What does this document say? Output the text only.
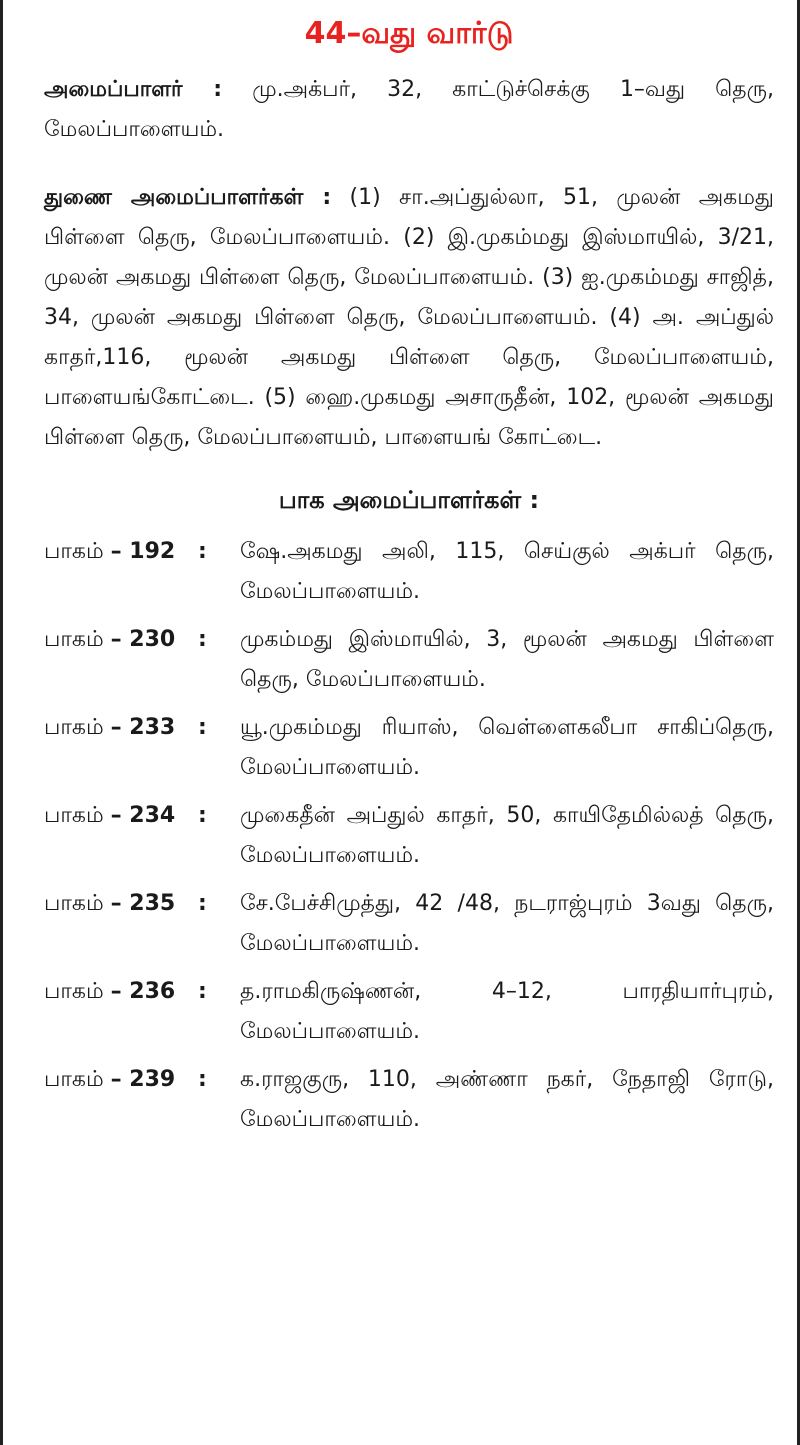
44–வது வார்டு

அமைப்பாளர் : மு.அக்பர், 32, காட்டுச்செக்கு 1–வது தெரு, மேலப்பாளையம்.

துணை அமைப்பாளர்கள் : (1) சா.அப்துல்லா, 51, முலன் அகமது பிள்ளை தெரு, மேலப்பாளையம். (2) இ.முகம்மது இஸ்மாயில், 3/21, முலன் அகமது பிள்ளை தெரு, மேலப்பாளையம். (3) ஐ.முகம்மது சாஜித், 34, முலன் அகமது பிள்ளை தெரு, மேலப்பாளையம். (4) அ. அப்துல் காதர்,116, மூலன் அகமது பிள்ளை தெரு, மேலப்பாளையம், பாளையங்கோட்டை. (5) ஹை.முகமது அசாருதீன், 102, மூலன் அகமது பிள்ளை தெரு, மேலப்பாளையம், பாளையங் கோட்டை.

பாக அமைப்பாளர்கள் :
பாகம் – 192	:	ஷே.அகமது அலி, 115, செய்குல் அக்பர் தெரு, மேலப்பாளையம்.
பாகம் – 230	:	முகம்மது இஸ்மாயில், 3, மூலன் அகமது பிள்ளை தெரு, மேலப்பாளையம்.
பாகம் – 233	:	யூ.முகம்மது ரியாஸ், வெள்ளைகலீபா சாகிப்தெரு, மேலப்பாளையம்.
பாகம் – 234	:	முகைதீன் அப்துல் காதர், 50, காயிதேமில்லத் தெரு, மேலப்பாளையம்.
பாகம் – 235	:	சே.பேச்சிமுத்து, 42 /48, நடராஜ்புரம் 3வது தெரு, மேலப்பாளையம்.
பாகம் – 236	:	த.ராமகிருஷ்ணன், 4–12, பாரதியார்புரம், மேலப்பாளையம்.
பாகம் – 239	:	க.ராஜகுரு, 110, அண்ணா நகர், நேதாஜி ரோடு, மேலப்பாளையம்.
